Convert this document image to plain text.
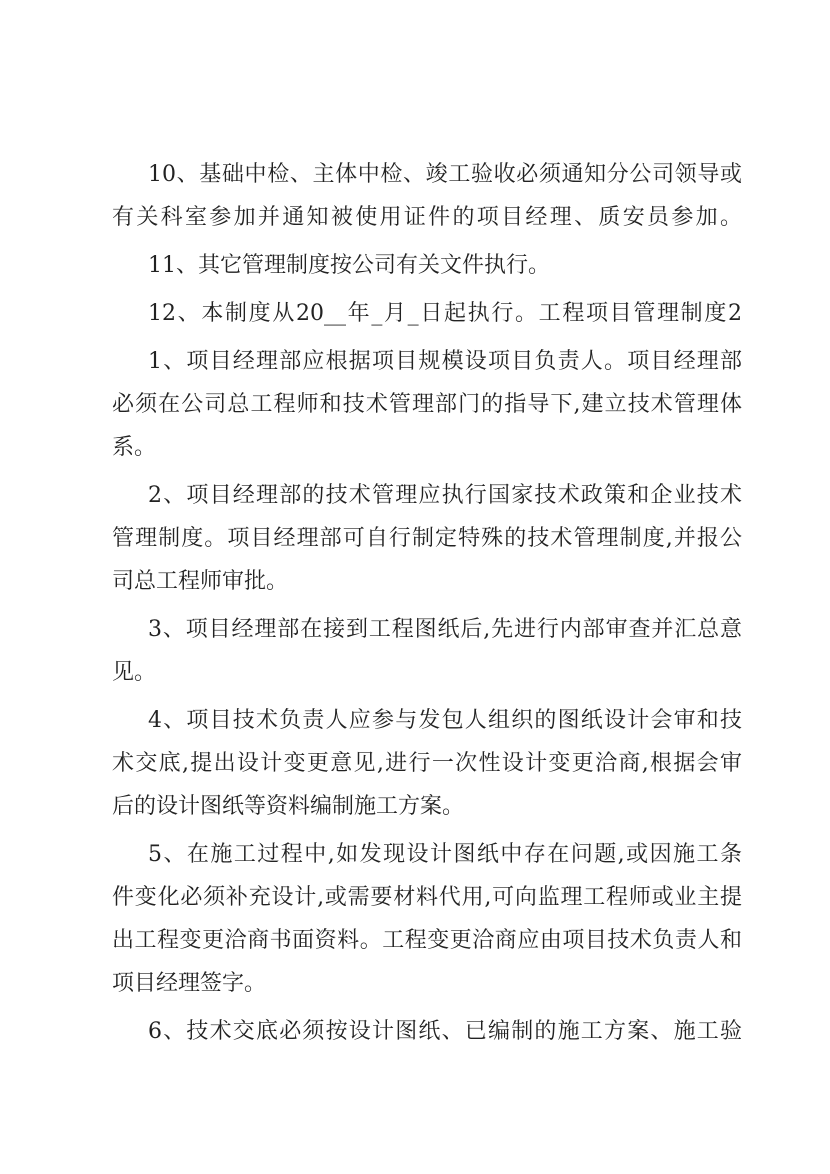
10、基础中检、主体中检、竣工验收必须通知分公司领导或
有关科室参加并通知被使用证件的项目经理、质安员参加。
11、其它管理制度按公司有关文件执行。
12、本制度从20__年_月_日起执行。工程项目管理制度2
1、项目经理部应根据项目规模设项目负责人。项目经理部
必须在公司总工程师和技术管理部门的指导下,建立技术管理体
系。
2、项目经理部的技术管理应执行国家技术政策和企业技术
管理制度。项目经理部可自行制定特殊的技术管理制度,并报公
司总工程师审批。
3、项目经理部在接到工程图纸后,先进行内部审查并汇总意
见。
4、项目技术负责人应参与发包人组织的图纸设计会审和技
术交底,提出设计变更意见,进行一次性设计变更洽商,根据会审
后的设计图纸等资料编制施工方案。
5、在施工过程中,如发现设计图纸中存在问题,或因施工条
件变化必须补充设计,或需要材料代用,可向监理工程师或业主提
出工程变更洽商书面资料。工程变更洽商应由项目技术负责人和
项目经理签字。
6、技术交底必须按设计图纸、已编制的施工方案、施工验
